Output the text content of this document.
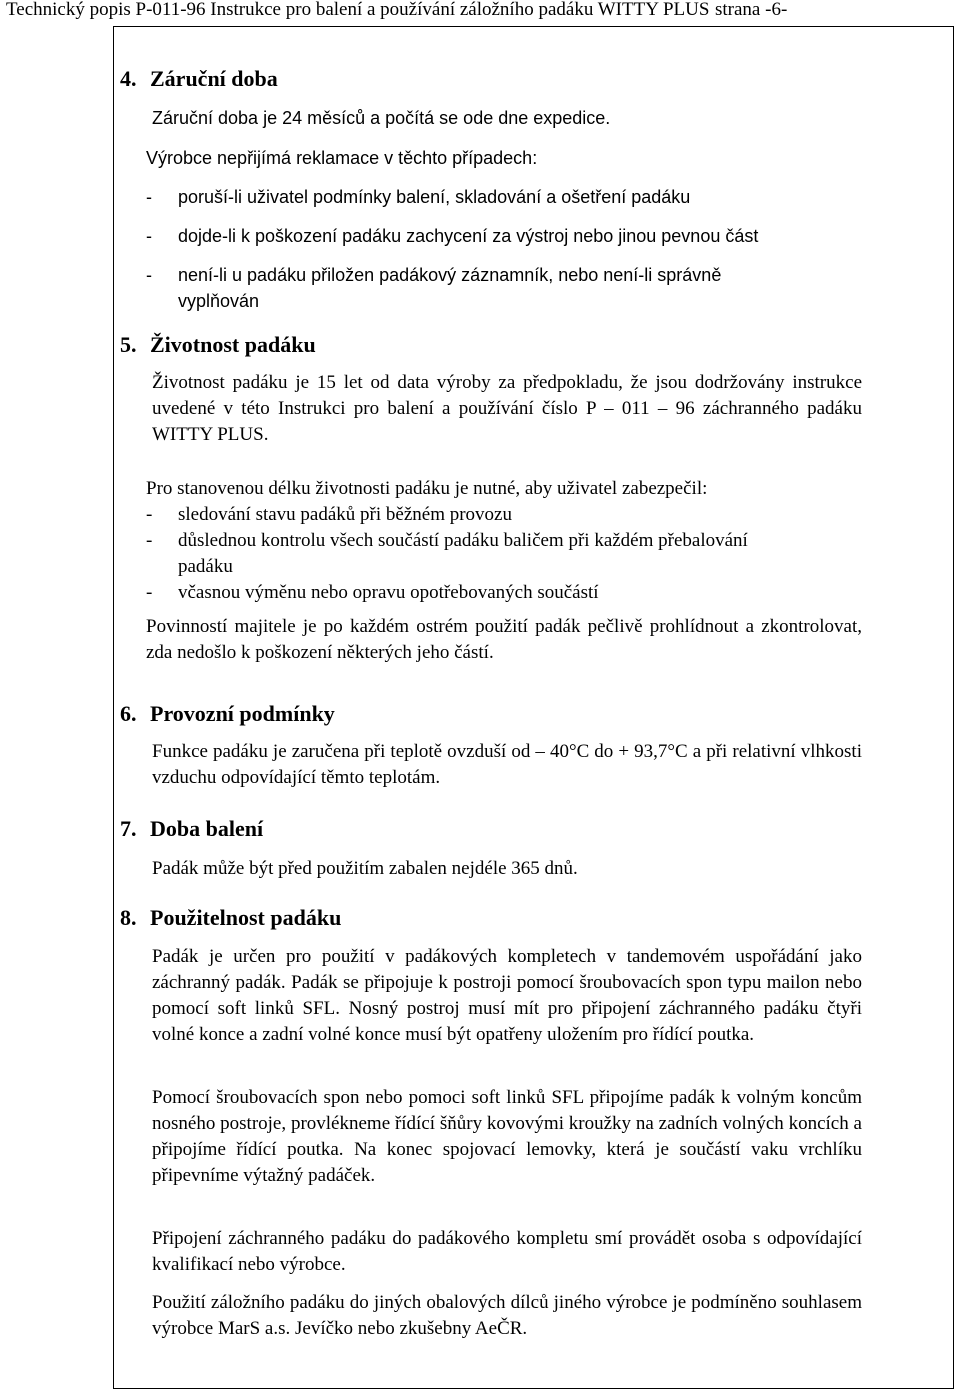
Technický popis P-011-96 Instrukce pro balení a používání záložního padáku WITTY PLUS strana -6-
4. Záruční doba
Záruční doba je 24 měsíců a počítá se ode dne expedice.
Výrobce nepřijímá reklamace v těchto případech:
- poruší-li uživatel podmínky balení, skladování a ošetření padáku
- dojde-li k poškození padáku zachycení za výstroj nebo jinou pevnou část
- není-li u padáku přiložen padákový záznamník, nebo není-li správně
vyplňován
5. Životnost padáku
Životnost padáku je 15 let od data výroby za předpokladu, že jsou dodržovány instrukce uvedené v této Instrukci pro balení a používání číslo P – 011 – 96 záchranného padáku WITTY PLUS.
Pro stanovenou délku životnosti padáku je nutné, aby uživatel zabezpečil:
- sledování stavu padáků při běžném provozu
- důslednou kontrolu všech součástí padáku baličem při každém přebalování
padáku
- včasnou výměnu nebo opravu opotřebovaných součástí
Povinností majitele je po každém ostrém použití padák pečlivě prohlídnout a zkontrolovat, zda nedošlo k poškození některých jeho částí.
6. Provozní podmínky
Funkce padáku je zaručena při teplotě ovzduší od – 40°C do + 93,7°C a při relativní vlhkosti vzduchu odpovídající těmto teplotám.
7. Doba balení
Padák může být před použitím zabalen nejdéle 365 dnů.
8. Použitelnost padáku
Padák je určen pro použití v padákových kompletech v tandemovém uspořádání jako záchranný padák. Padák se připojuje k postroji pomocí šroubovacích spon typu mailon nebo pomocí soft linků SFL. Nosný postroj musí mít pro připojení záchranného padáku čtyři volné konce a zadní volné konce musí být opatřeny uložením pro řídící poutka.
Pomocí šroubovacích spon nebo pomoci soft linků SFL připojíme padák k volným koncům nosného postroje, provlékneme řídící šňůry kovovými kroužky na zadních volných koncích a připojíme řídící poutka. Na konec spojovací lemovky, která je součástí vaku vrchlíku připevníme výtažný padáček.
Připojení záchranného padáku do padákového kompletu smí provádět osoba s odpovídající kvalifikací nebo výrobce.
Použití záložního padáku do jiných obalových dílců jiného výrobce je podmíněno souhlasem výrobce MarS a.s. Jevíčko nebo zkušebny AeČR.
